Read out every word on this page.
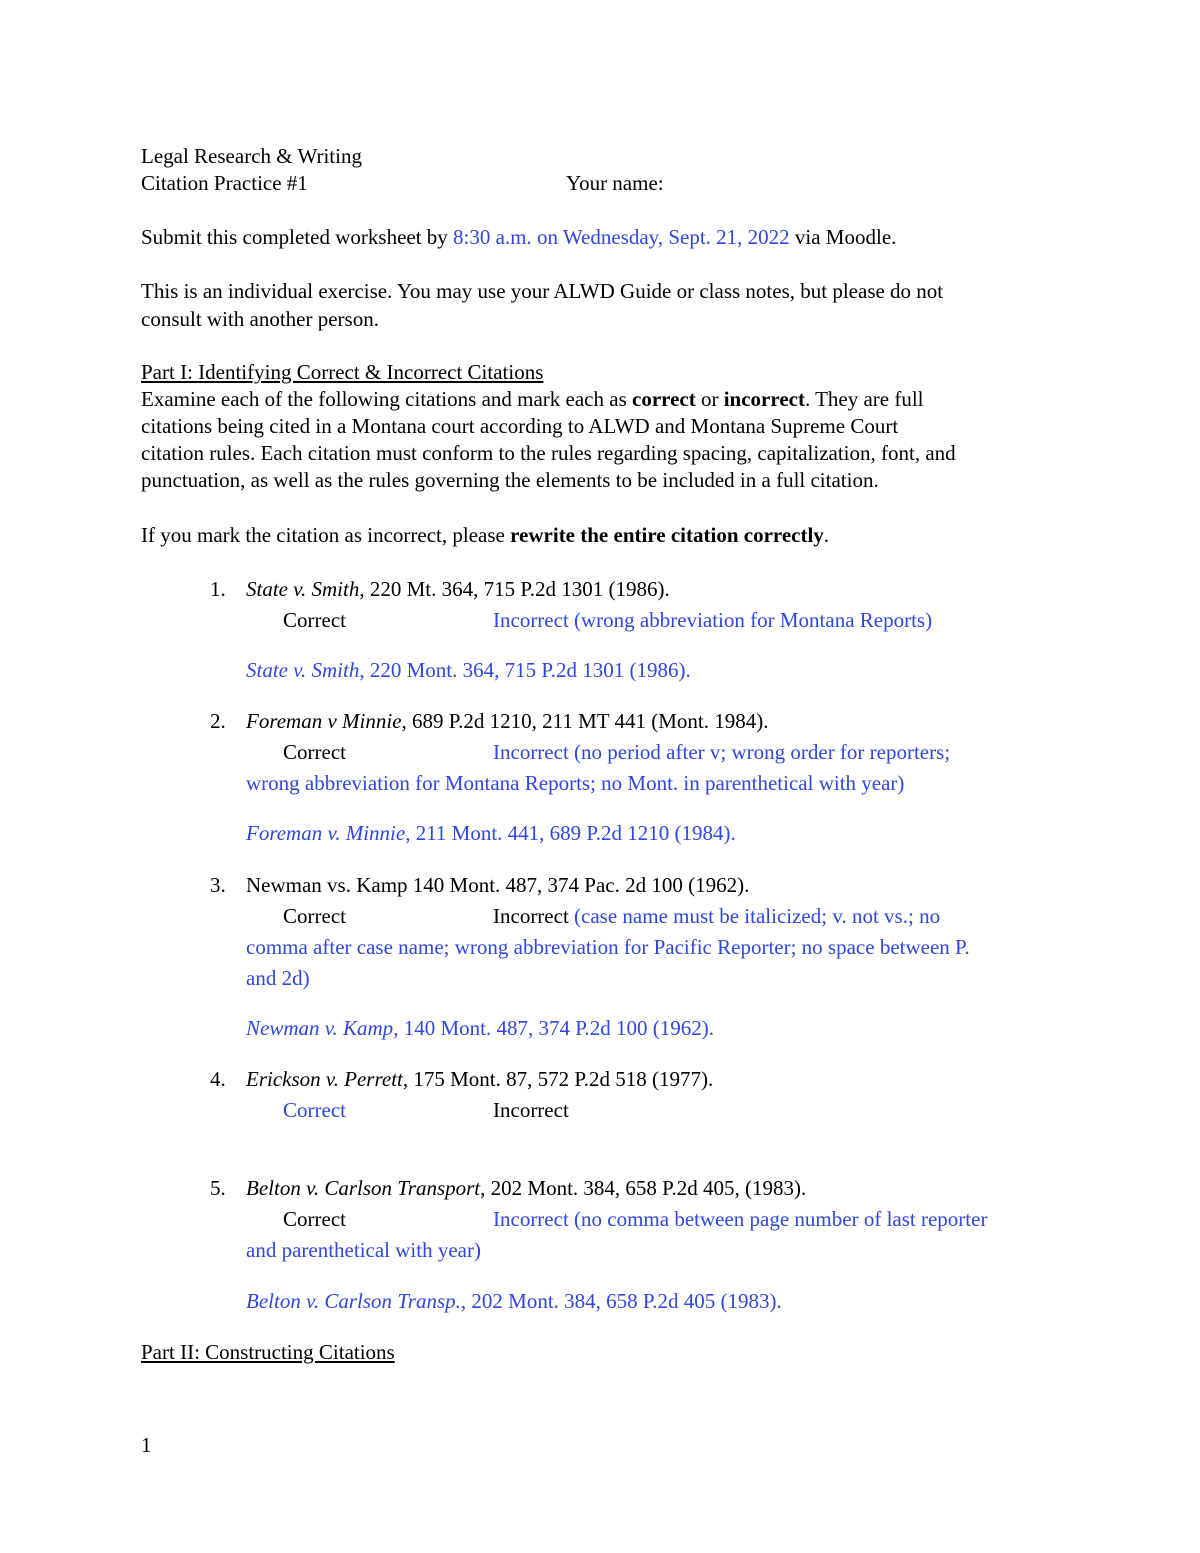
Legal Research & Writing
Citation Practice #1	Your name:
Submit this completed worksheet by 8:30 a.m. on Wednesday, Sept. 21, 2022 via Moodle.
This is an individual exercise. You may use your ALWD Guide or class notes, but please do not
consult with another person.
Part I: Identifying Correct & Incorrect Citations
Examine each of the following citations and mark each as correct or incorrect. They are full
citations being cited in a Montana court according to ALWD and Montana Supreme Court
citation rules. Each citation must conform to the rules regarding spacing, capitalization, font, and
punctuation, as well as the rules governing the elements to be included in a full citation.
If you mark the citation as incorrect, please rewrite the entire citation correctly.
1. State v. Smith, 220 Mt. 364, 715 P.2d 1301 (1986).
Correct	Incorrect (wrong abbreviation for Montana Reports)
State v. Smith, 220 Mont. 364, 715 P.2d 1301 (1986).
2. Foreman v Minnie, 689 P.2d 1210, 211 MT 441 (Mont. 1984).
Correct	Incorrect (no period after v; wrong order for reporters;
wrong abbreviation for Montana Reports; no Mont. in parenthetical with year)
Foreman v. Minnie, 211 Mont. 441, 689 P.2d 1210 (1984).
3. Newman vs. Kamp 140 Mont. 487, 374 Pac. 2d 100 (1962).
Correct	Incorrect (case name must be italicized; v. not vs.; no
comma after case name; wrong abbreviation for Pacific Reporter; no space between P.
and 2d)
Newman v. Kamp, 140 Mont. 487, 374 P.2d 100 (1962).
4. Erickson v. Perrett, 175 Mont. 87, 572 P.2d 518 (1977).
Correct	Incorrect
5. Belton v. Carlson Transport, 202 Mont. 384, 658 P.2d 405, (1983).
Correct	Incorrect (no comma between page number of last reporter
and parenthetical with year)
Belton v. Carlson Transp., 202 Mont. 384, 658 P.2d 405 (1983).
Part II: Constructing Citations
1
